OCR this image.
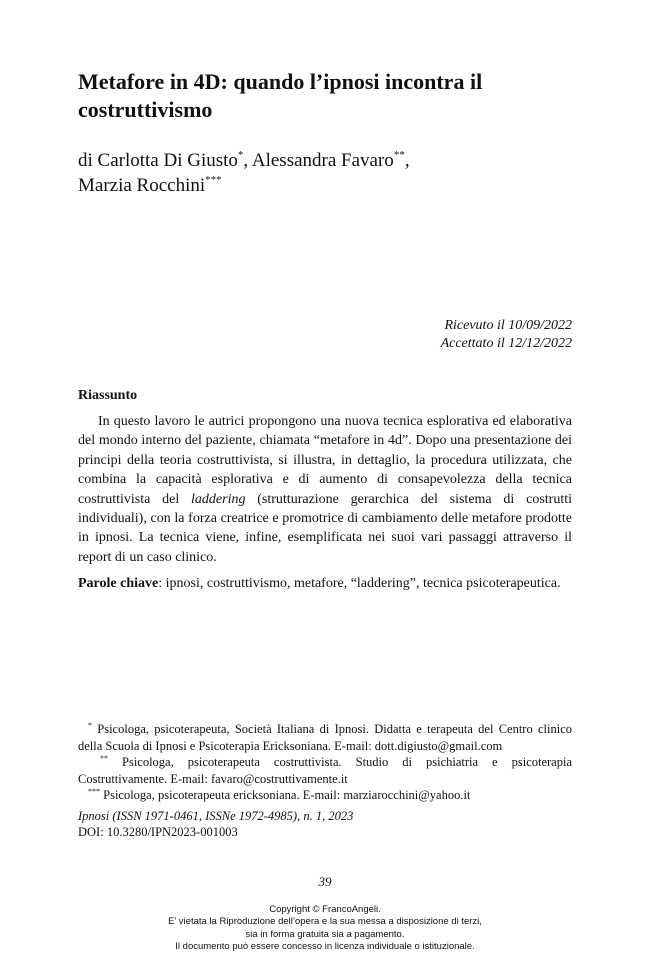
Metafore in 4D: quando l’ipnosi incontra il costruttivismo
di Carlotta Di Giusto*, Alessandra Favaro**,
Marzia Rocchini***
Ricevuto il 10/09/2022
Accettato il 12/12/2022
Riassunto

In questo lavoro le autrici propongono una nuova tecnica esplorativa ed elaborativa del mondo interno del paziente, chiamata “metafore in 4d”. Dopo una presentazione dei principi della teoria costruttivista, si illustra, in dettaglio, la procedura utilizzata, che combina la capacità esplorativa e di aumento di consapevolezza della tecnica costruttivista del laddering (strutturazione gerarchica del sistema di costrutti individuali), con la forza creatrice e promotrice di cambiamento delle metafore prodotte in ipnosi. La tecnica viene, infine, esemplificata nei suoi vari passaggi attraverso il report di un caso clinico.

Parole chiave: ipnosi, costruttivismo, metafore, “laddering”, tecnica psicoterapeutica.

* Psicologa, psicoterapeuta, Società Italiana di Ipnosi. Didatta e terapeuta del Centro clinico della Scuola di Ipnosi e Psicoterapia Ericksoniana. E-mail: dott.digiusto@gmail.com

** Psicologa, psicoterapeuta costruttivista. Studio di psichiatria e psicoterapia Costruttivamente. E-mail: favaro@costruttivamente.it

*** Psicologa, psicoterapeuta ericksoniana. E-mail: marziarocchini@yahoo.it

Ipnosi (ISSN 1971-0461, ISSNe 1972-4985), n. 1, 2023
DOI: 10.3280/IPN2023-001003
39
Copyright © FrancoAngeli.
E’ vietata la Riproduzione dell’opera e la sua messa a disposizione di terzi,
sia in forma gratuita sia a pagamento.
Il documento può essere concesso in licenza individuale o istituzionale.
